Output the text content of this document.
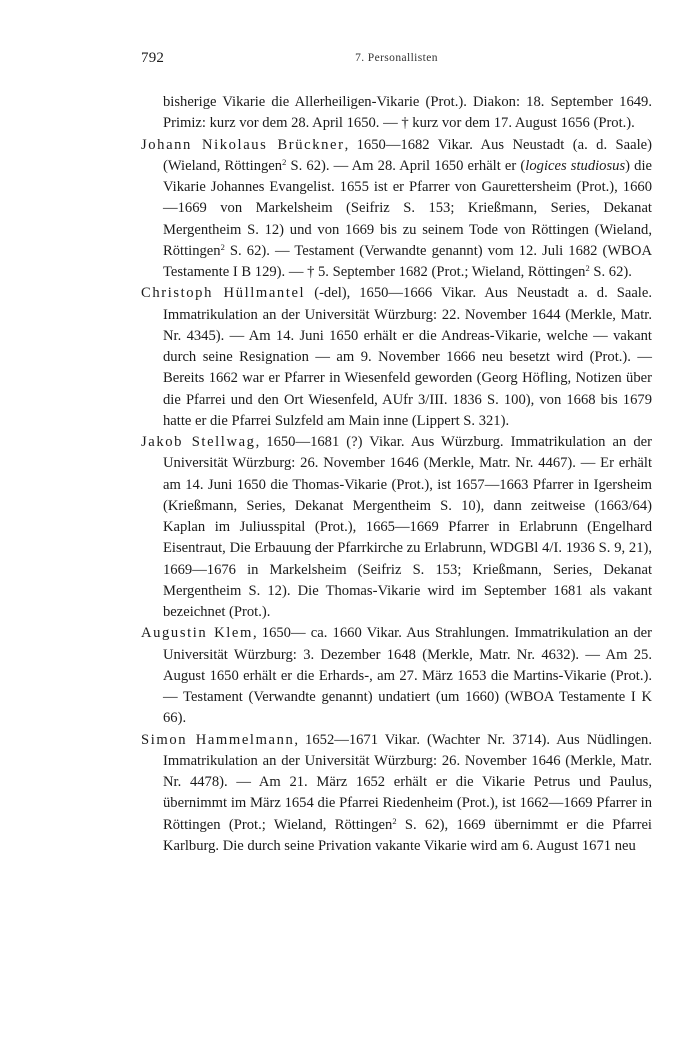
792	7. Personallisten

bisherige Vikarie die Allerheiligen-Vikarie (Prot.). Diakon: 18. September 1649. Primiz: kurz vor dem 28. April 1650. — † kurz vor dem 17. August 1656 (Prot.).

Johann Nikolaus Brückner, 1650—1682 Vikar. Aus Neustadt (a. d. Saale) (Wieland, Röttingen$^2$ S. 62). — Am 28. April 1650 erhält er (logices studiosus) die Vikarie Johannes Evangelist. 1655 ist er Pfarrer von Gaurettersheim (Prot.), 1660—1669 von Markelsheim (Seifriz S. 153; Krießmann, Series, Dekanat Mergentheim S. 12) und von 1669 bis zu seinem Tode von Röttingen (Wieland, Röttingen$^2$ S. 62). — Testament (Verwandte genannt) vom 12. Juli 1682 (WBOA Testamente I B 129). — † 5. September 1682 (Prot.; Wieland, Röttingen$^2$ S. 62).

Christoph Hüllmantel (-del), 1650—1666 Vikar. Aus Neustadt a. d. Saale. Immatrikulation an der Universität Würzburg: 22. November 1644 (Merkle, Matr. Nr. 4345). — Am 14. Juni 1650 erhält er die Andreas-Vikarie, welche — vakant durch seine Resignation — am 9. November 1666 neu besetzt wird (Prot.). — Bereits 1662 war er Pfarrer in Wiesenfeld geworden (Georg Höfling, Notizen über die Pfarrei und den Ort Wiesenfeld, AUfr 3/III. 1836 S. 100), von 1668 bis 1679 hatte er die Pfarrei Sulzfeld am Main inne (Lippert S. 321).

Jakob Stellwag, 1650—1681 (?) Vikar. Aus Würzburg. Immatrikulation an der Universität Würzburg: 26. November 1646 (Merkle, Matr. Nr. 4467). — Er erhält am 14. Juni 1650 die Thomas-Vikarie (Prot.), ist 1657—1663 Pfarrer in Igersheim (Krießmann, Series, Dekanat Mergentheim S. 10), dann zeitweise (1663/64) Kaplan im Juliusspital (Prot.), 1665—1669 Pfarrer in Erlabrunn (Engelhard Eisentraut, Die Erbauung der Pfarrkirche zu Erlabrunn, WDGBl 4/I. 1936 S. 9, 21), 1669—1676 in Markelsheim (Seifriz S. 153; Krießmann, Series, Dekanat Mergentheim S. 12). Die Thomas-Vikarie wird im September 1681 als vakant bezeichnet (Prot.).

Augustin Klem, 1650— ca. 1660 Vikar. Aus Strahlungen. Immatrikulation an der Universität Würzburg: 3. Dezember 1648 (Merkle, Matr. Nr. 4632). — Am 25. August 1650 erhält er die Erhards-, am 27. März 1653 die Martins-Vikarie (Prot.). — Testament (Verwandte genannt) undatiert (um 1660) (WBOA Testamente I K 66).

Simon Hammelmann, 1652—1671 Vikar. (Wachter Nr. 3714). Aus Nüdlingen. Immatrikulation an der Universität Würzburg: 26. November 1646 (Merkle, Matr. Nr. 4478). — Am 21. März 1652 erhält er die Vikarie Petrus und Paulus, übernimmt im März 1654 die Pfarrei Riedenheim (Prot.), ist 1662—1669 Pfarrer in Röttingen (Prot.; Wieland, Röttingen$^2$ S. 62), 1669 übernimmt er die Pfarrei Karlburg. Die durch seine Privation vakante Vikarie wird am 6. August 1671 neu
